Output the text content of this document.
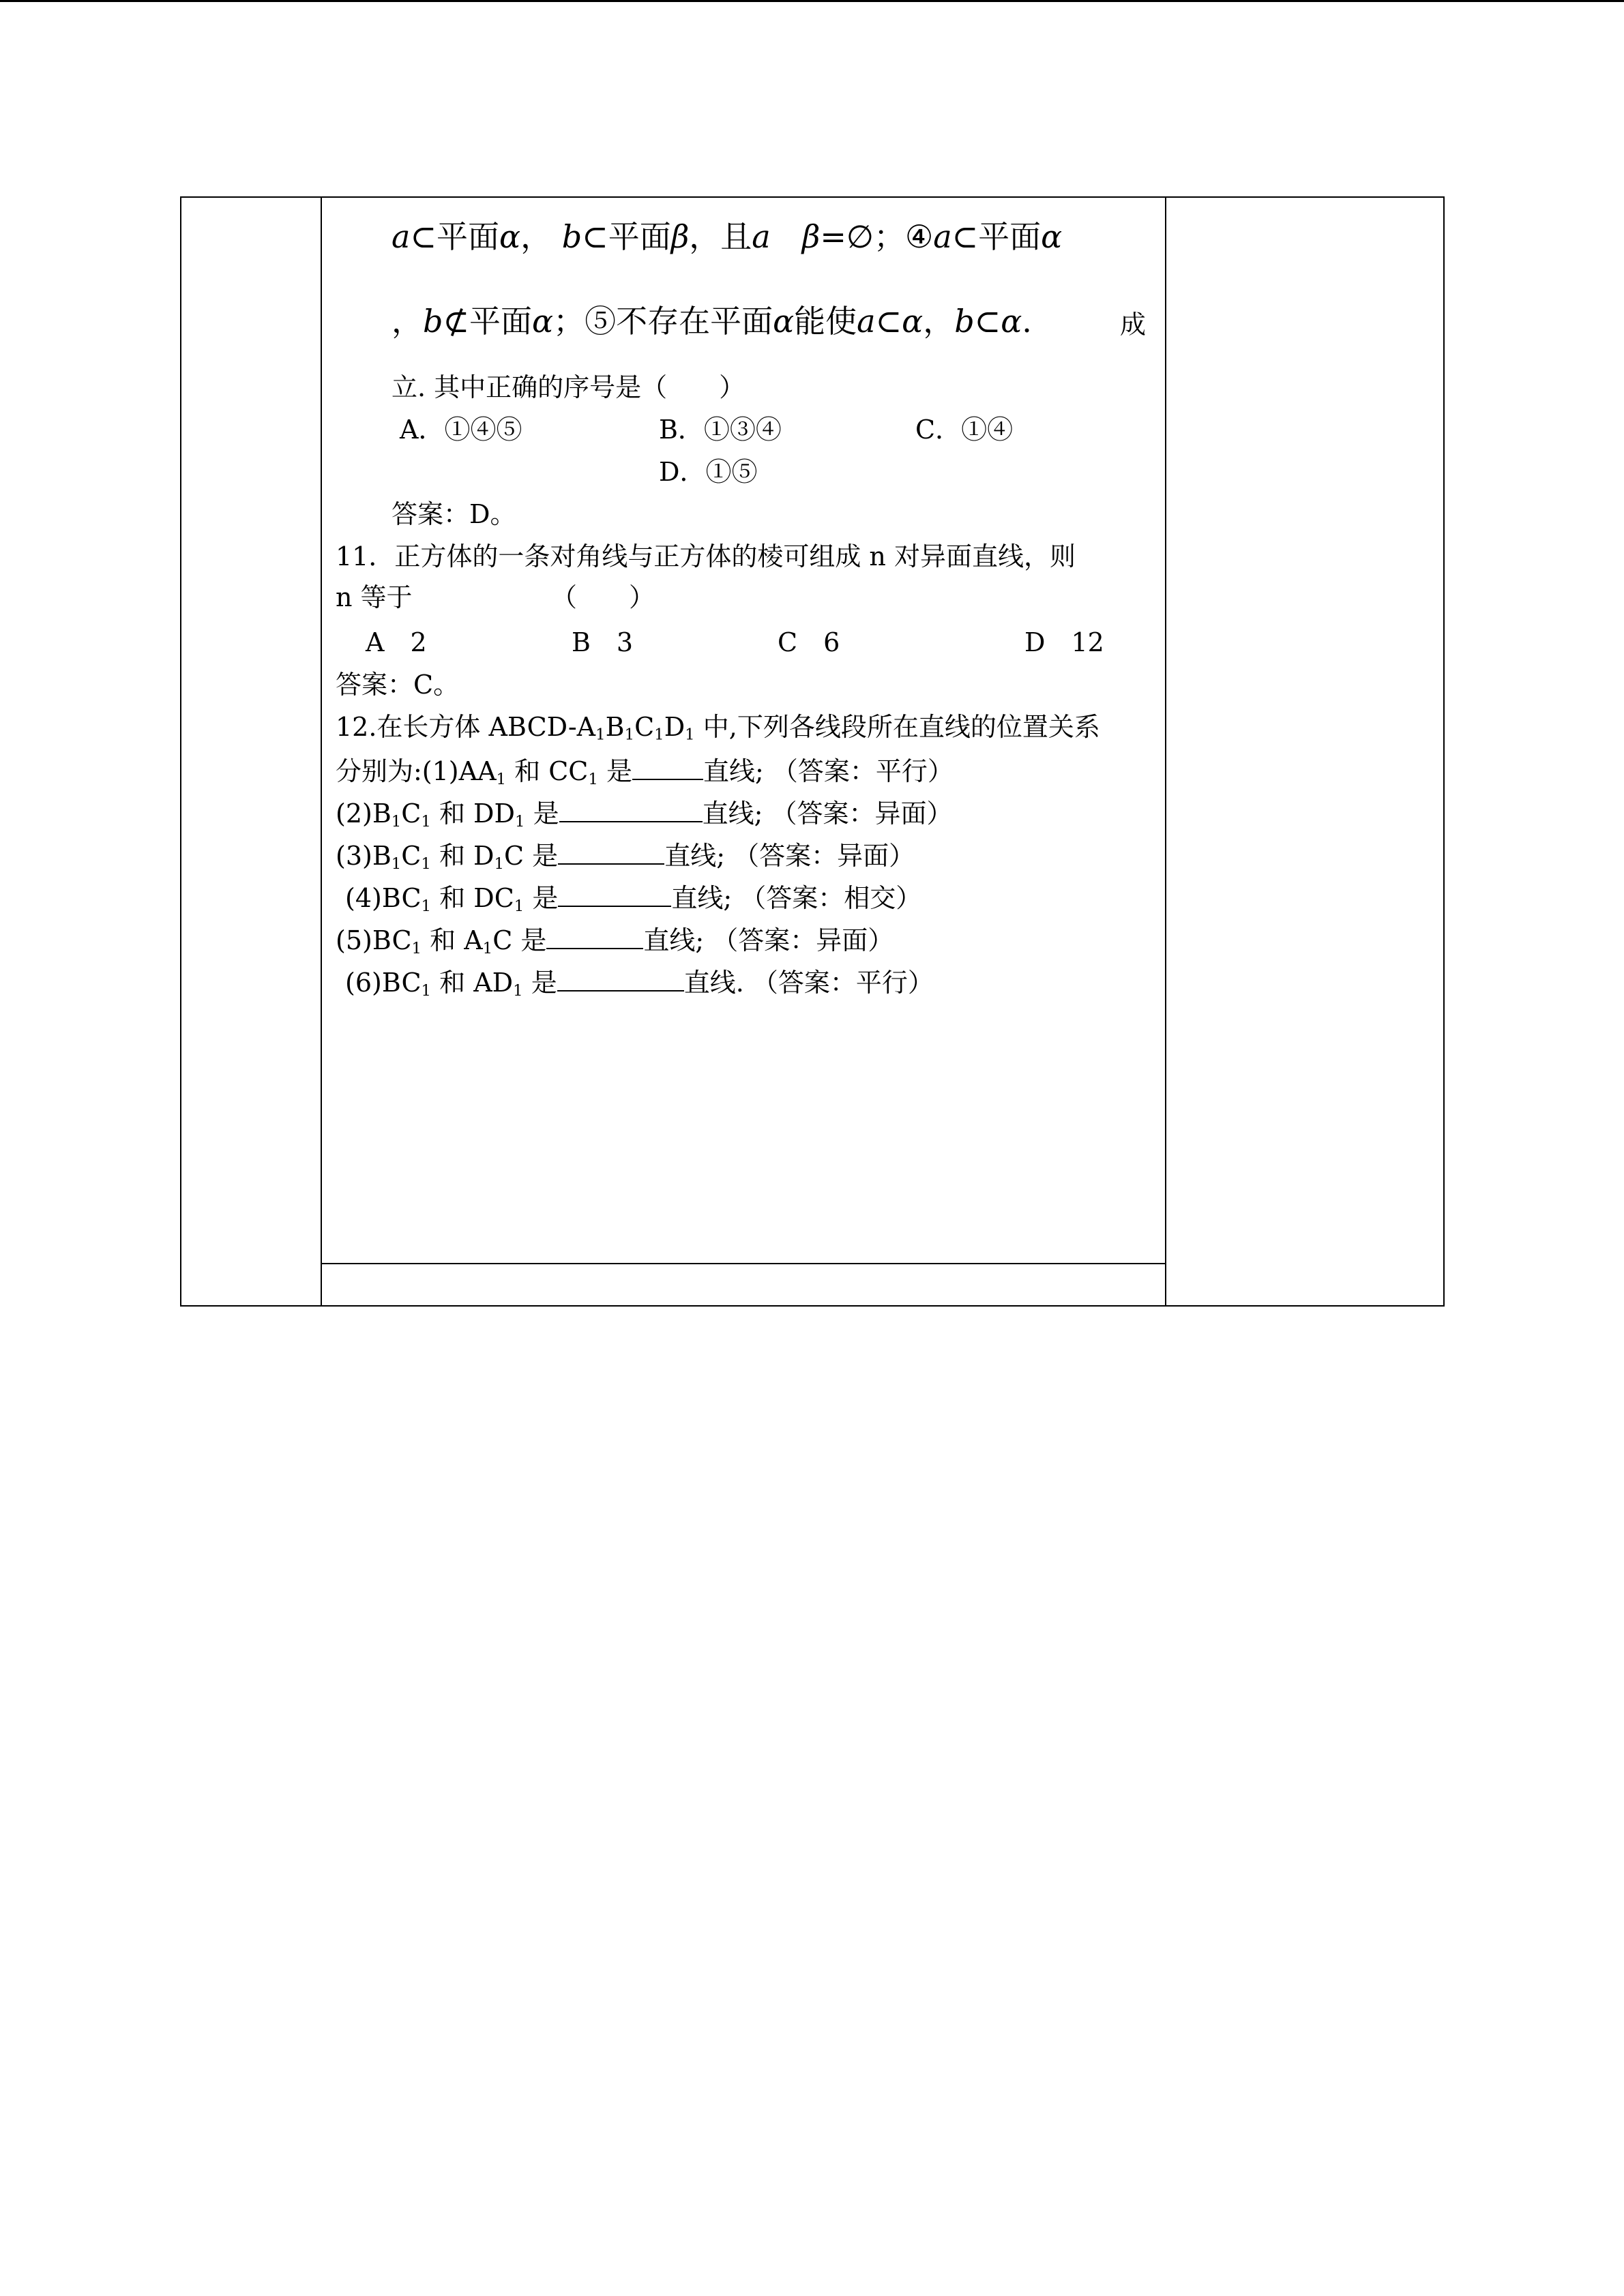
a⊂平面α， b⊂平面β，且a　 β=∅；④a⊂平面α
，b⊄平面α；⑤不存在平面α能使a⊂α，b⊂α.	成
立. 其中正确的序号是（　　）
A．①④⑤	B．①③④	C．①④
D．①⑤
答案：D。
11．正方体的一条对角线与正方体的棱可组成 n 对异面直线，则
n 等于	（　　）
A　2	B　3	C　6	D　12
答案：C。
12.在长方体 ABCD-$A_1B_1C_1D_1$ 中,下列各线段所在直线的位置关系
分别为$:(1)AA_1$ 和 $CC_1$ 是	直线; （答案：平行）
$(2)B_1C_1$ 和 $DD_1$ 是	直线; （答案：异面）
$(3)B_1C_1$ 和 $D_1C$ 是	直线; （答案：异面）
$(4)BC_1$ 和 $DC_1$ 是	直线; （答案：相交）
$(5)BC_1$ 和 $A_1C$ 是	直线; （答案：异面）
$(6)BC_1$ 和 $AD_1$ 是	直线. （答案：平行）
